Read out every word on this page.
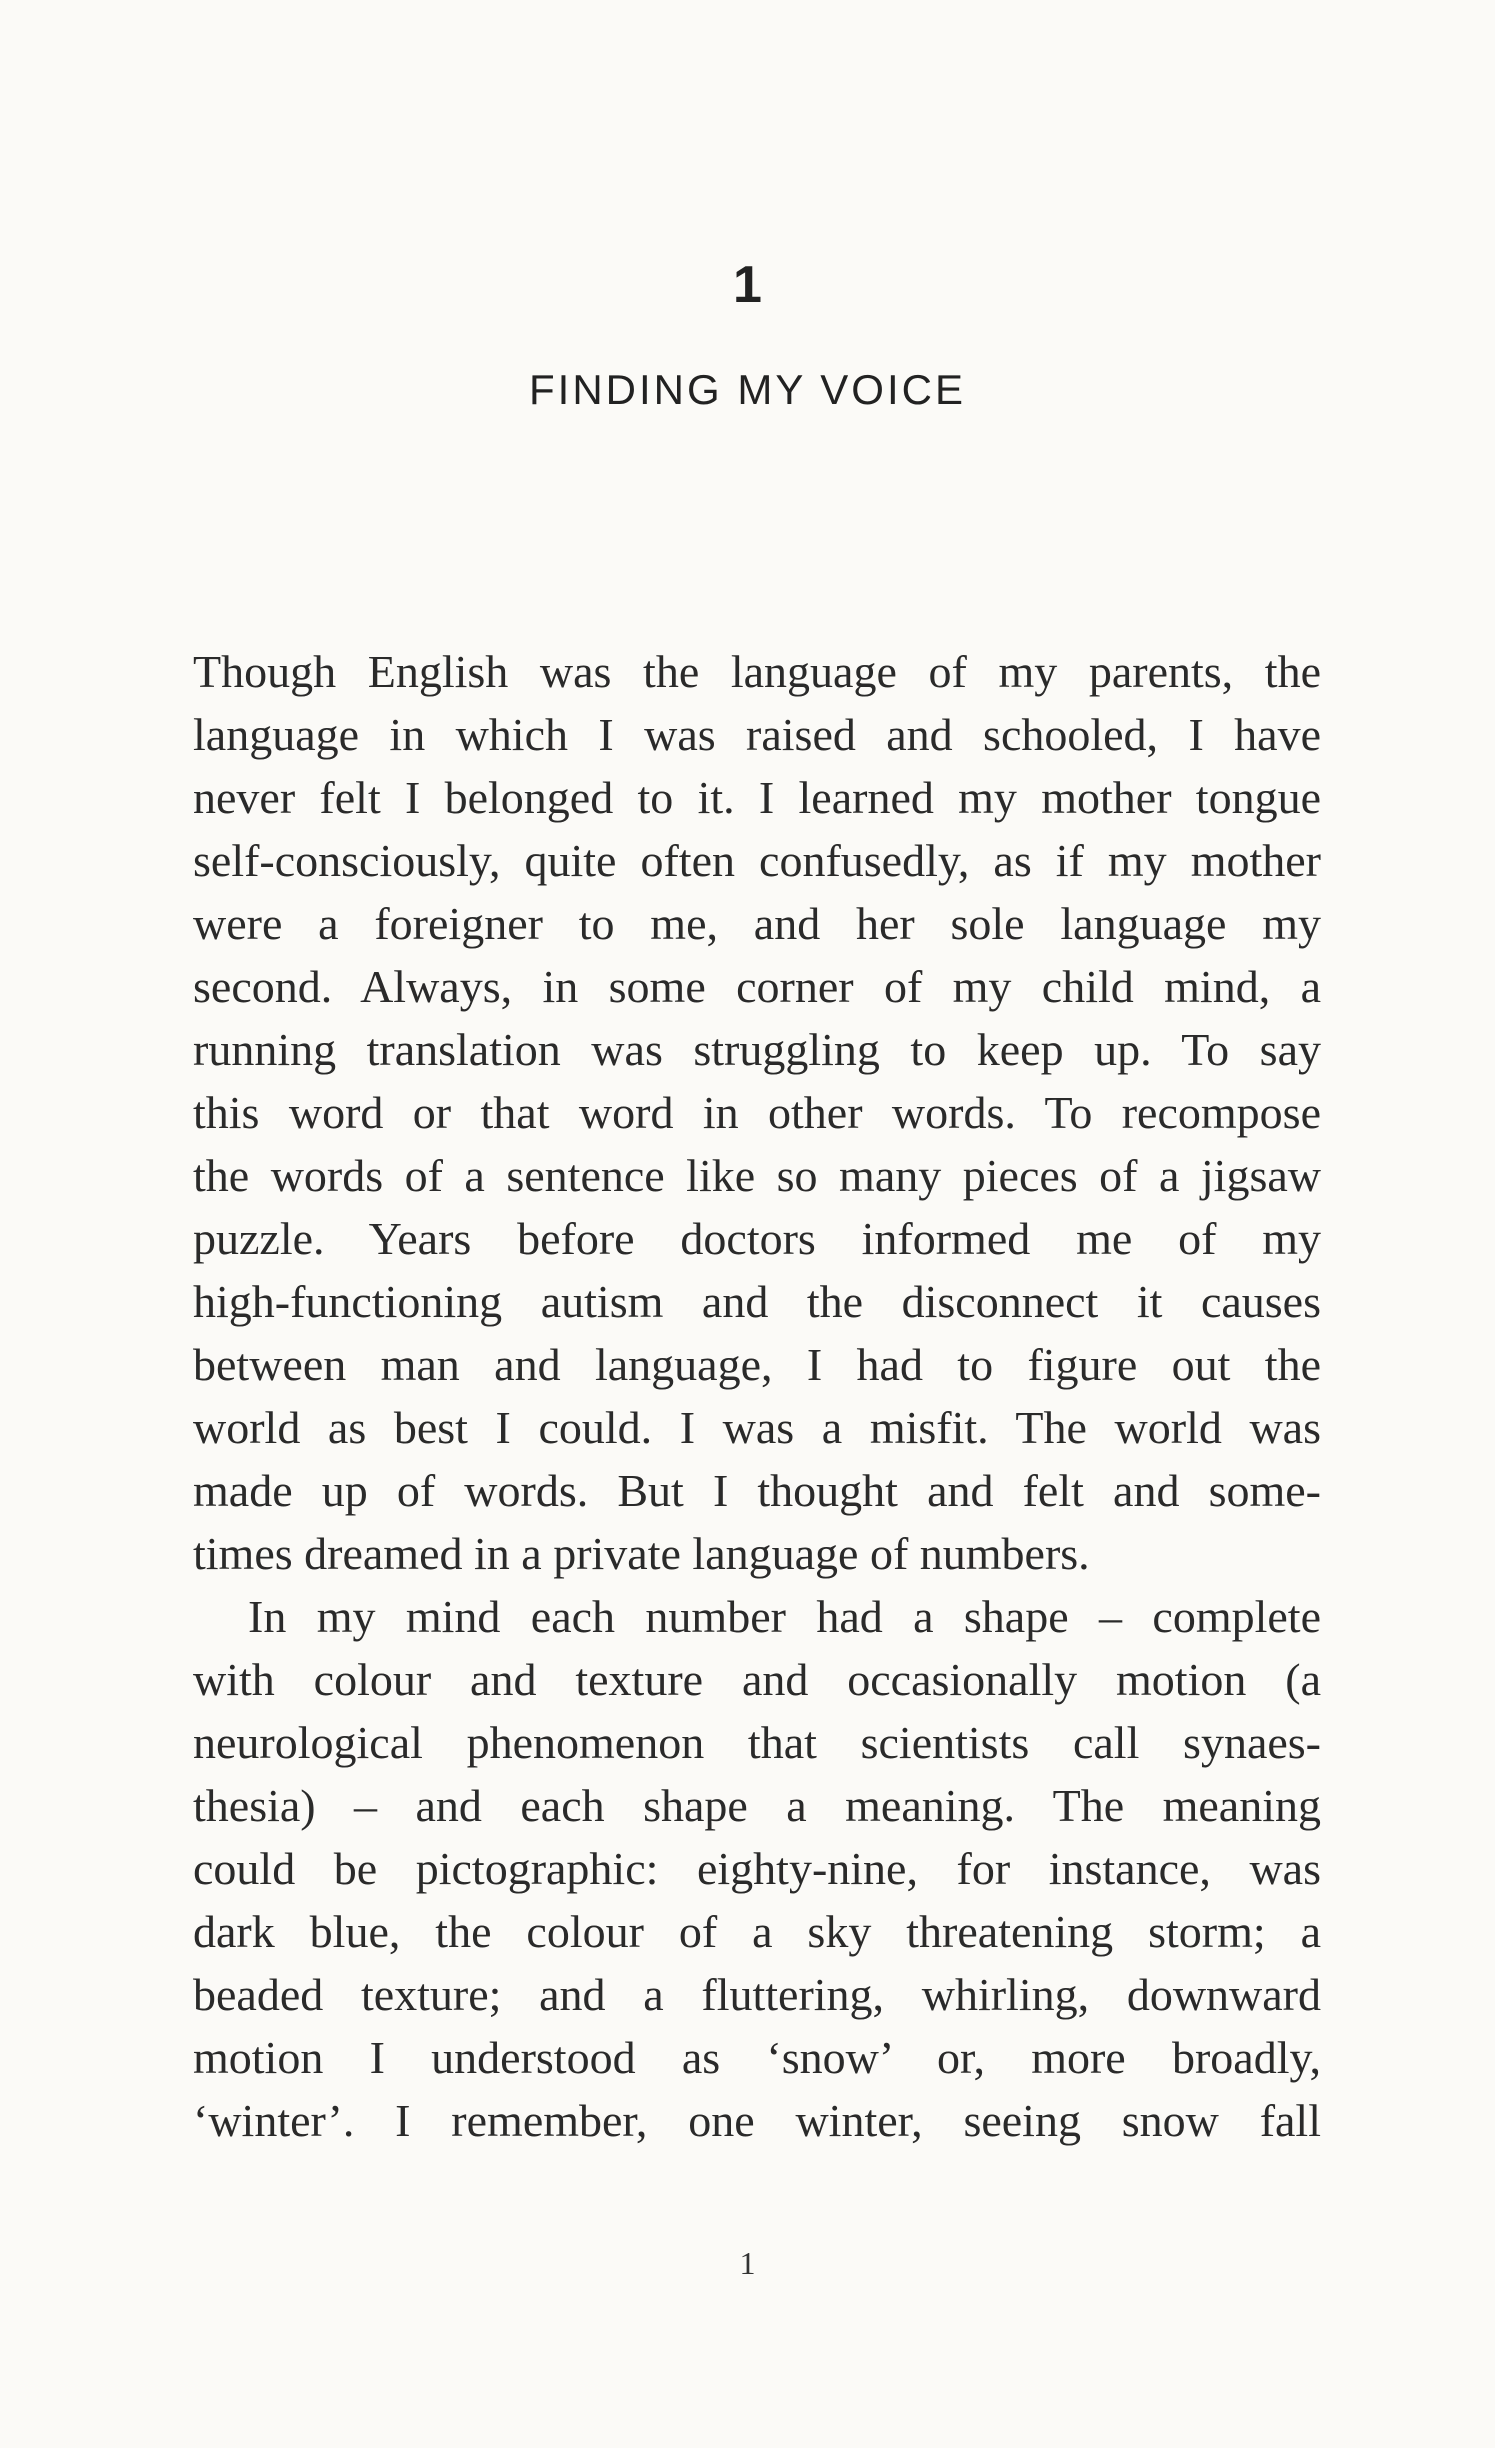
1
FINDING MY VOICE
Though English was the language of my parents, the
language in which I was raised and schooled, I have
never felt I belonged to it. I learned my mother tongue
self-consciously, quite often confusedly, as if my mother
were a foreigner to me, and her sole language my
second. Always, in some corner of my child mind, a
running translation was struggling to keep up. To say
this word or that word in other words. To recompose
the words of a sentence like so many pieces of a jigsaw
puzzle. Years before doctors informed me of my
high-functioning autism and the disconnect it causes
between man and language, I had to figure out the
world as best I could. I was a misfit. The world was
made up of words. But I thought and felt and some-
times dreamed in a private language of numbers.
In my mind each number had a shape – complete
with colour and texture and occasionally motion (a
neurological phenomenon that scientists call synaes-
thesia) – and each shape a meaning. The meaning
could be pictographic: eighty-nine, for instance, was
dark blue, the colour of a sky threatening storm; a
beaded texture; and a fluttering, whirling, downward
motion I understood as ‘snow’ or, more broadly,
‘winter’. I remember, one winter, seeing snow fall
1
